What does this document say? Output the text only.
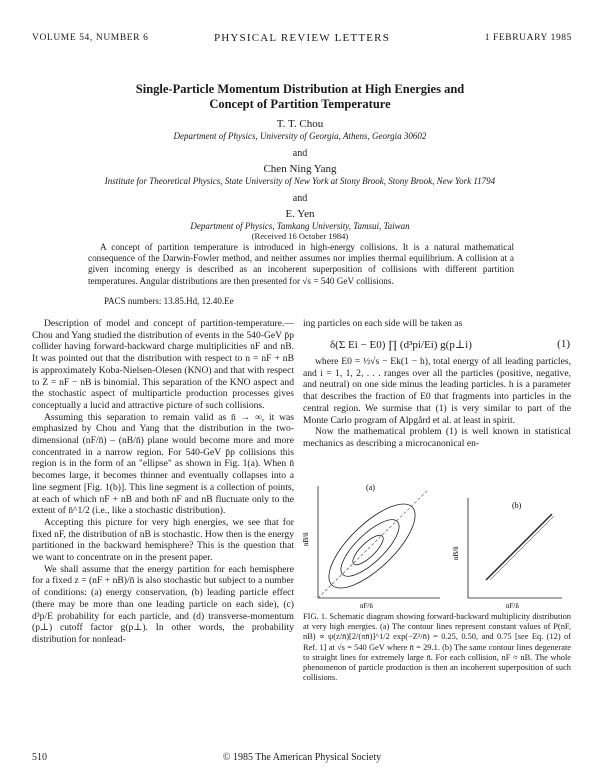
VOLUME 54, NUMBER 6	PHYSICAL REVIEW LETTERS	1 FEBRUARY 1985
Single-Particle Momentum Distribution at High Energies and
Concept of Partition Temperature
T. T. Chou
Department of Physics, University of Georgia, Athens, Georgia 30602
and
Chen Ning Yang
Institute for Theoretical Physics, State University of New York at Stony Brook, Stony Brook, New York 11794
and
E. Yen
Department of Physics, Tamkang University, Tamsui, Taiwan
(Received 16 October 1984)
A concept of partition temperature is introduced in high-energy collisions. It is a natural mathematical consequence of the Darwin-Fowler method, and neither assumes nor implies thermal equilibrium. A collision at a given incoming energy is described as an incoherent superposition of collisions with different partition temperatures. Angular distributions are then presented for √s = 540 GeV collisions.
PACS numbers: 13.85.Hd, 12.40.Ee

Description of model and concept of partition-temperature.—Chou and Yang studied the distribution of events in the 540-GeV p̄p collider having forward-backward charge multiplicities nF and nB. It was pointed out that the distribution with respect to n = nF + nB is approximately Koba-Nielsen-Olesen (KNO) and that with respect to Z = nF − nB is binomial. This separation of the KNO aspect and the stochastic aspect of multiparticle production processes gives conceptually a lucid and attractive picture of such collisions.

Assuming this separation to remain valid as n̄ → ∞, it was emphasized by Chou and Yang that the distribution in the two-dimensional (nF/n̄) – (nB/n̄) plane would become more and more concentrated in a narrow region. For 540-GeV p̄p collisions this region is in the form of an "ellipse" as shown in Fig. 1(a). When n̄ becomes large, it becomes thinner and eventually collapses into a line segment [Fig. 1(b)]. This line segment is a collection of points, at each of which nF + nB and both nF and nB fluctuate only to the extent of n̄^1/2 (i.e., like a stochastic distribution).

Accepting this picture for very high energies, we see that for fixed nF, the distribution of nB is stochastic. How then is the energy partitioned in the backward hemisphere? This is the question that we want to concentrate on in the present paper.

We shall assume that the energy partition for each hemisphere for a fixed z = (nF + nB)/n̄ is also stochastic but subject to a number of conditions: (a) energy conservation, (b) leading particle effect (there may be more than one leading particle on each side), (c) d³p/E probability for each particle, and (d) transverse-momentum (p⊥) cutoff factor g(p⊥). In other words, the probability distribution for nonlead-

ing particles on each side will be taken as
δ(Σ Ei − E0) ∏ (d³pi/Ei) g(p⊥i)	(1)

where E0 = ½√s − Ek(1 − h), total energy of all leading particles, and i = 1, 1, 2, . . . ranges over all the particles (positive, negative, and neutral) on one side minus the leading particles. h is a parameter that describes the fraction of E0 that fragments into particles in the central region. We surmise that (1) is very similar to part of the Monte Carlo program of Alpgård et al. at least in spirit.

Now the mathematical problem (1) is well known in statistical mechanics as describing a microcanonical en-

(a)
nB/n̄
nF/n̄
(b)
nB/n̄
nF/n̄
FIG. 1. Schematic diagram showing forward-backward multiplicity distribution at very high energies. (a) The contour lines represent constant values of P(nF, nB) ∝ ψ(z/n̄)[2/(πn̄)]^1/2 exp(−Z²/n̄) = 0.25, 0.50, and 0.75 [see Eq. (12) of Ref. 1] at √s = 540 GeV where n̄ = 29.1. (b) The same contour lines degenerate to straight lines for extremely large n̄. For each collision, nF ≈ nB. The whole phenomenon of particle production is then an incoherent superposition of such collisions.
510	© 1985 The American Physical Society
